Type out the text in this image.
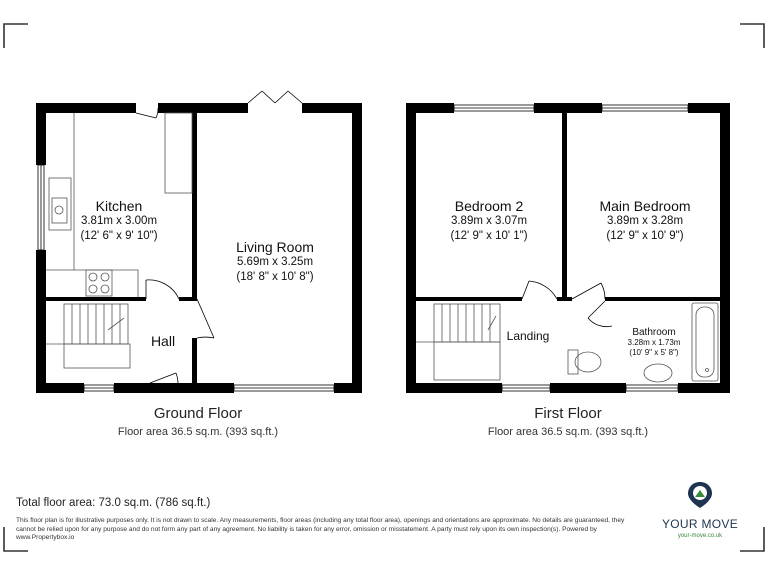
Kitchen
3.81m x 3.00m
(12' 6" x 9' 10")
Living Room
5.69m x 3.25m
(18' 8" x 10' 8")
Hall
Bedroom 2
3.89m x 3.07m
(12' 9" x 10' 1")
Main Bedroom
3.89m x 3.28m
(12' 9" x 10' 9")
Landing	Bathroom
3.28m x 1.73m
(10' 9" x 5' 8")
Ground Floor
Floor area 36.5 sq.m. (393 sq.ft.)
First Floor
Floor area 36.5 sq.m. (393 sq.ft.)
Total floor area: 73.0 sq.m. (786 sq.ft.)
This floor plan is for illustrative purposes only. It is not drawn to scale. Any measurements, floor areas (including any total floor area), openings and orientations are approximate. No details are guaranteed, they cannot be relied upon for any purpose and do not form any part of any agreement. No liability is taken for any error, omission or misstatement. A party must rely upon its own inspection(s). Powered by www.Propertybox.io
YOUR MOVE
your-move.co.uk
